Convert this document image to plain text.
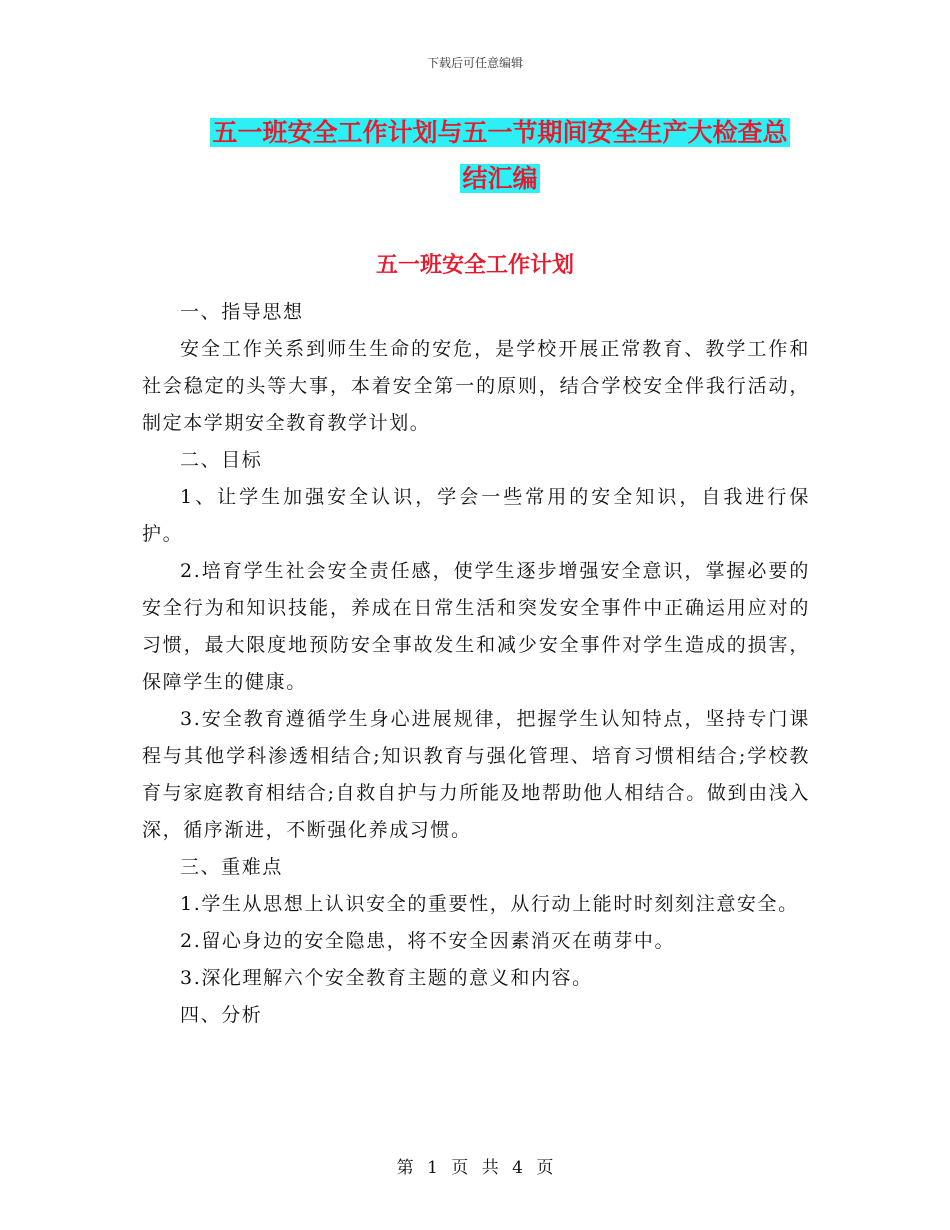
下载后可任意编辑
五一班安全工作计划与五一节期间安全生产大检查总
结汇编
五一班安全工作计划

一、指导思想

安全工作关系到师生生命的安危，是学校开展正常教育、教学工作和社会稳定的头等大事，本着安全第一的原则，结合学校安全伴我行活动，制定本学期安全教育教学计划。

二、目标

1、让学生加强安全认识，学会一些常用的安全知识，自我进行保护。

2.培育学生社会安全责任感，使学生逐步增强安全意识，掌握必要的安全行为和知识技能，养成在日常生活和突发安全事件中正确运用应对的习惯，最大限度地预防安全事故发生和减少安全事件对学生造成的损害，保障学生的健康。

3.安全教育遵循学生身心进展规律，把握学生认知特点，坚持专门课程与其他学科渗透相结合;知识教育与强化管理、培育习惯相结合;学校教育与家庭教育相结合;自救自护与力所能及地帮助他人相结合。做到由浅入深，循序渐进，不断强化养成习惯。

三、重难点

1.学生从思想上认识安全的重要性，从行动上能时时刻刻注意安全。

2.留心身边的安全隐患，将不安全因素消灭在萌芽中。

3.深化理解六个安全教育主题的意义和内容。

四、分析

第 1 页 共 4 页
